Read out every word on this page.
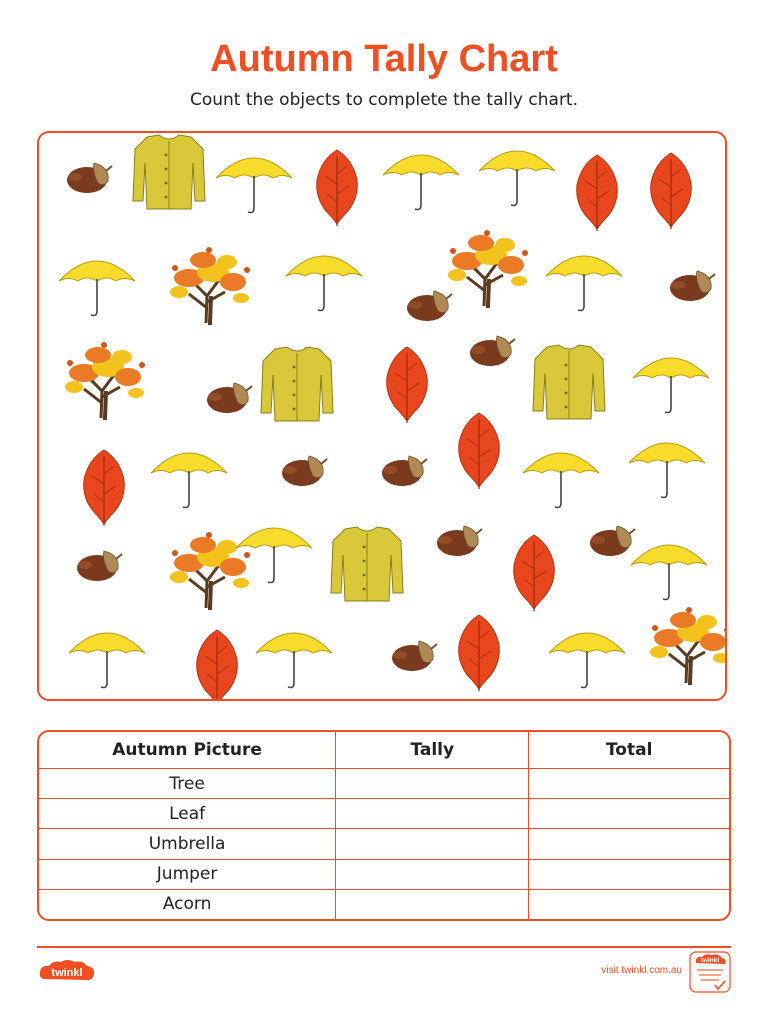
Autumn Tally Chart
Count the objects to complete the tally chart.
Autumn Picture	Tally	Total
Tree		
Leaf		
Umbrella		
Jumper		
Acorn		
twinkl	visit twinkl.com.au
twinkl
